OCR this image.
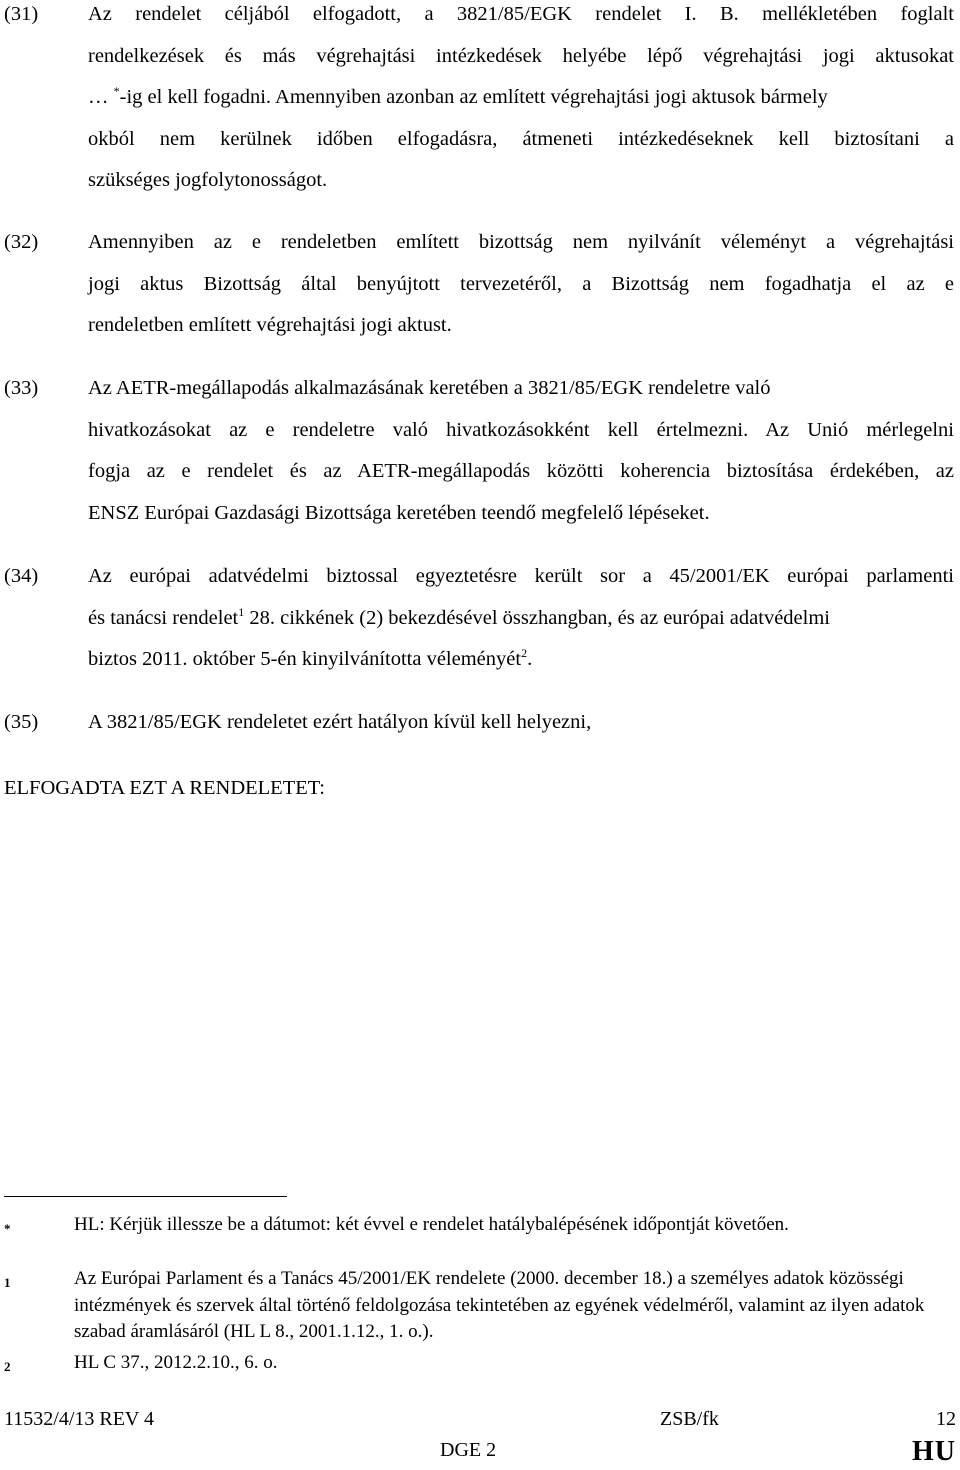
(31) Az rendelet céljából elfogadott, a 3821/85/EGK rendelet I. B. mellékletében foglalt
rendelkezések és más végrehajtási intézkedések helyébe lépő végrehajtási jogi aktusokat
… *-ig el kell fogadni. Amennyiben azonban az említett végrehajtási jogi aktusok bármely
okból nem kerülnek időben elfogadásra, átmeneti intézkedéseknek kell biztosítani a
szükséges jogfolytonosságot.
(32) Amennyiben az e rendeletben említett bizottság nem nyilvánít véleményt a végrehajtási
jogi aktus Bizottság által benyújtott tervezetéről, a Bizottság nem fogadhatja el az e
rendeletben említett végrehajtási jogi aktust.
(33) Az AETR-megállapodás alkalmazásának keretében a 3821/85/EGK rendeletre való
hivatkozásokat az e rendeletre való hivatkozásokként kell értelmezni. Az Unió mérlegelni
fogja az e rendelet és az AETR-megállapodás közötti koherencia biztosítása érdekében, az
ENSZ Európai Gazdasági Bizottsága keretében teendő megfelelő lépéseket.
(34) Az európai adatvédelmi biztossal egyeztetésre került sor a 45/2001/EK európai parlamenti
és tanácsi rendelet$^1$ 28. cikkének (2) bekezdésével összhangban, és az európai adatvédelmi
biztos 2011. október 5-én kinyilvánította véleményét$^2$.
(35) A 3821/85/EGK rendeletet ezért hatályon kívül kell helyezni,
ELFOGADTA EZT A RENDELETET:
*	HL: Kérjük illessze be a dátumot: két évvel e rendelet hatálybalépésének időpontját követően.
1	Az Európai Parlament és a Tanács 45/2001/EK rendelete (2000. december 18.) a személyes adatok közösségi intézmények és szervek által történő feldolgozása tekintetében az egyének védelméről, valamint az ilyen adatok szabad áramlásáról (HL L 8., 2001.1.12., 1. o.).
2	HL C 37., 2012.2.10., 6. o.
11532/4/13 REV 4	ZSB/fk	12
DGE 2	HU
